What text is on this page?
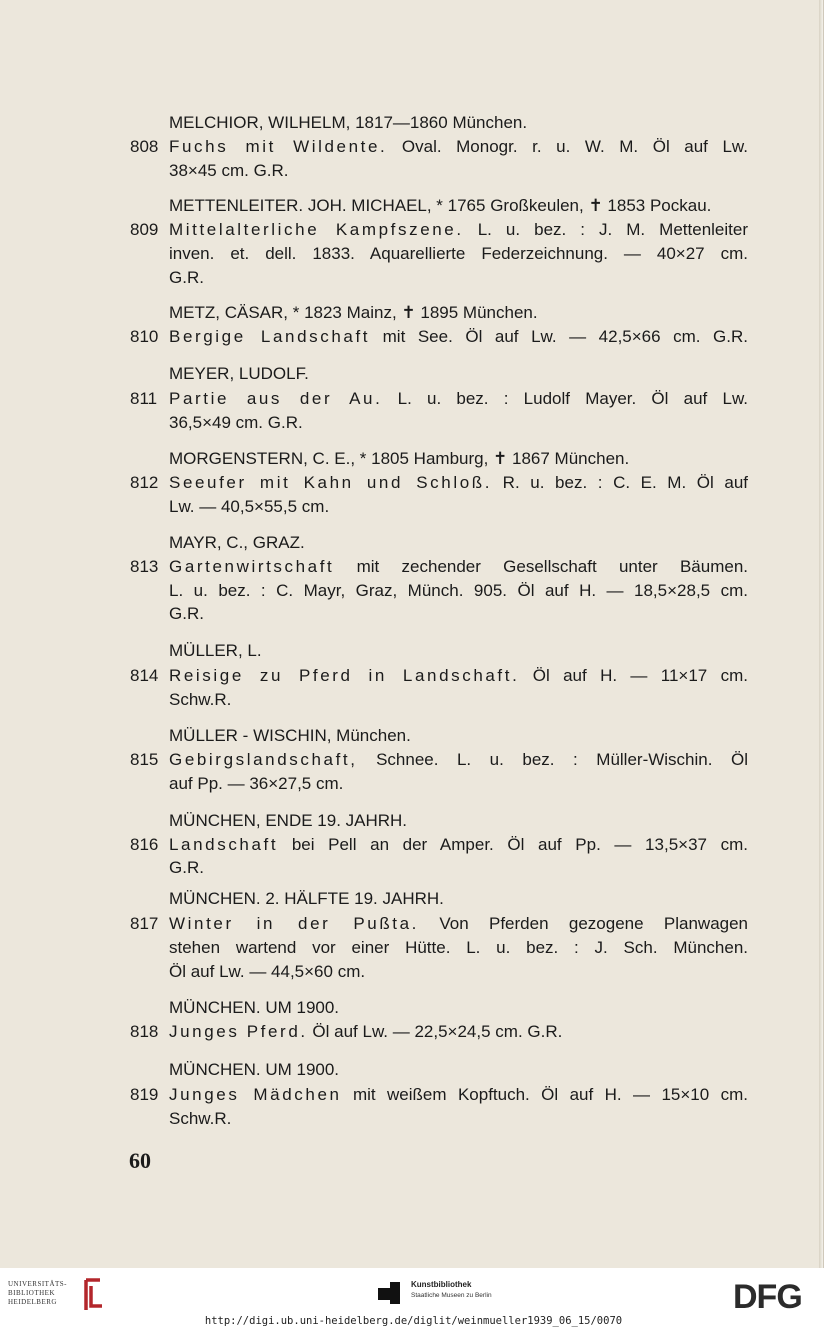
MELCHIOR, WILHELM, 1817—1860 München.
808 Fuchs mit Wildente. Oval. Monogr. r. u. W. M. Öl auf Lw.
38×45 cm. G.R.
METTENLEITER. JOH. MICHAEL, * 1765 Großkeulen, ✝ 1853 Pockau.
809 Mittelalterliche Kampfszene. L. u. bez. : J. M. Mettenleiter
inven. et. dell. 1833. Aquarellierte Federzeichnung. — 40×27 cm.
G.R.
METZ, CÄSAR, * 1823 Mainz, ✝ 1895 München.
810 Bergige Landschaft mit See. Öl auf Lw. — 42,5×66 cm. G.R.
MEYER, LUDOLF.
811 Partie aus der Au. L. u. bez. : Ludolf Mayer. Öl auf Lw.
36,5×49 cm. G.R.
MORGENSTERN, C. E., * 1805 Hamburg, ✝ 1867 München.
812 Seeufer mit Kahn und Schloß. R. u. bez. : C. E. M. Öl auf
Lw. — 40,5×55,5 cm.
MAYR, C., GRAZ.
813 Gartenwirtschaft mit zechender Gesellschaft unter Bäumen.
L. u. bez. : C. Mayr, Graz, Münch. 905. Öl auf H. — 18,5×28,5 cm.
G.R.
MÜLLER, L.
814 Reisige zu Pferd in Landschaft. Öl auf H. — 11×17 cm.
Schw.R.
MÜLLER - WISCHIN, München.
815 Gebirgslandschaft, Schnee. L. u. bez. : Müller-Wischin. Öl
auf Pp. — 36×27,5 cm.
MÜNCHEN, ENDE 19. JAHRH.
816 Landschaft bei Pell an der Amper. Öl auf Pp. — 13,5×37 cm.
G.R.
MÜNCHEN. 2. HÄLFTE 19. JAHRH.
817 Winter in der Pußta. Von Pferden gezogene Planwagen
stehen wartend vor einer Hütte. L. u. bez. : J. Sch. München.
Öl auf Lw. — 44,5×60 cm.
MÜNCHEN. UM 1900.
818 Junges Pferd. Öl auf Lw. — 22,5×24,5 cm. G.R.
MÜNCHEN. UM 1900.
819 Junges Mädchen mit weißem Kopftuch. Öl auf H. — 15×10 cm.
Schw.R.
60
UNIVERSITÄTS-
BIBLIOTHEK
HEIDELBERG
Kunstbibliothek
Staatliche Museen zu Berlin	DFG
http://digi.ub.uni-heidelberg.de/diglit/weinmueller1939_06_15/0070
